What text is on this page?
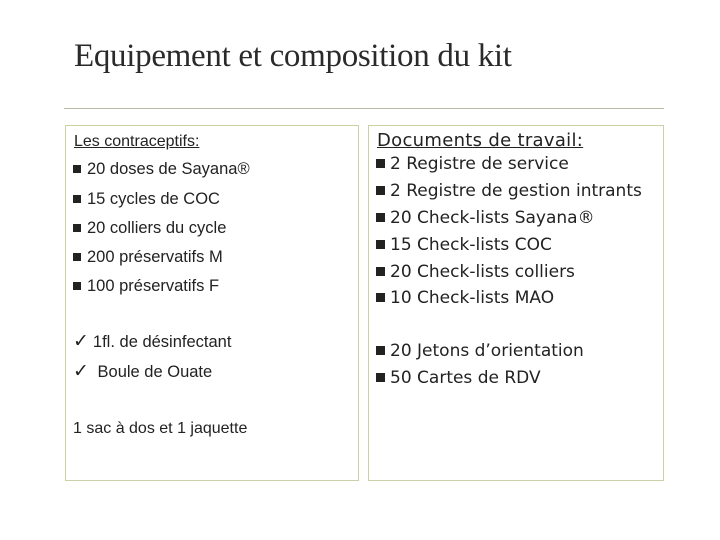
Equipement et composition du kit
Les contraceptifs:
20 doses de Sayana®
15 cycles de COC
20 colliers du cycle
200 préservatifs M
100 préservatifs F
✓ 1fl. de désinfectant
✓ Boule de Ouate
1 sac à dos et 1 jaquette
Documents de travail:
2 Registre de service
2 Registre de gestion intrants
20 Check-lists Sayana®
15 Check-lists COC
20 Check-lists colliers
10 Check-lists MAO
20 Jetons d’orientation
50 Cartes de RDV
